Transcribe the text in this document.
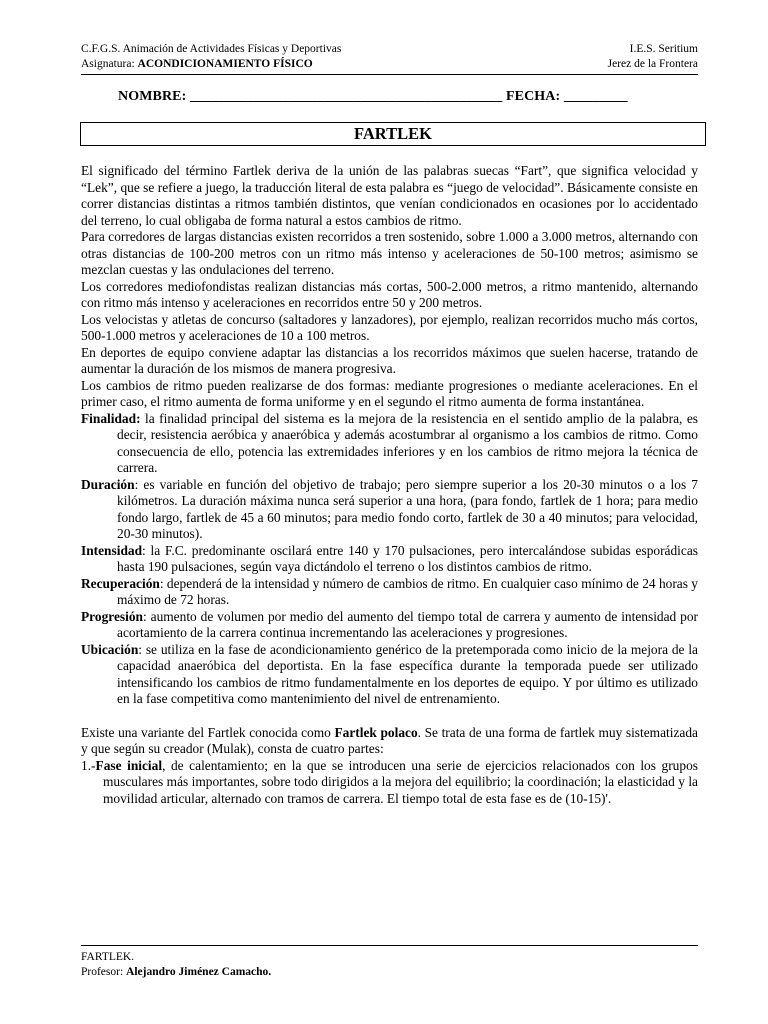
C.F.G.S. Animación de Actividades Físicas y Deportivas	I.E.S. Seritium
Asignatura: ACONDICIONAMIENTO FÍSICO	Jerez de la Frontera
NOMBRE: ____________________________________________ FECHA: _________
FARTLEK

El significado del término Fartlek deriva de la unión de las palabras suecas “Fart”, que significa velocidad y “Lek”, que se refiere a juego, la traducción literal de esta palabra es “juego de velocidad”. Básicamente consiste en correr distancias distintas a ritmos también distintos, que venían condicionados en ocasiones por lo accidentado del terreno, lo cual obligaba de forma natural a estos cambios de ritmo.

Para corredores de largas distancias existen recorridos a tren sostenido, sobre 1.000 a 3.000 metros, alternando con otras distancias de 100-200 metros con un ritmo más intenso y aceleraciones de 50-100 metros; asimismo se mezclan cuestas y las ondulaciones del terreno.

Los corredores mediofondistas realizan distancias más cortas, 500-2.000 metros, a ritmo mantenido, alternando con ritmo más intenso y aceleraciones en recorridos entre 50 y 200 metros.

Los velocistas y atletas de concurso (saltadores y lanzadores), por ejemplo, realizan recorridos mucho más cortos, 500-1.000 metros y aceleraciones de 10 a 100 metros.

En deportes de equipo conviene adaptar las distancias a los recorridos máximos que suelen hacerse, tratando de aumentar la duración de los mismos de manera progresiva.

Los cambios de ritmo pueden realizarse de dos formas: mediante progresiones o mediante aceleraciones. En el primer caso, el ritmo aumenta de forma uniforme y en el segundo el ritmo aumenta de forma instantánea.

Finalidad: la finalidad principal del sistema es la mejora de la resistencia en el sentido amplio de la palabra, es decir, resistencia aeróbica y anaeróbica y además acostumbrar al organismo a los cambios de ritmo. Como consecuencia de ello, potencia las extremidades inferiores y en los cambios de ritmo mejora la técnica de carrera.

Duración: es variable en función del objetivo de trabajo; pero siempre superior a los 20-30 minutos o a los 7 kilómetros. La duración máxima nunca será superior a una hora, (para fondo, fartlek de 1 hora; para medio fondo largo, fartlek de 45 a 60 minutos; para medio fondo corto, fartlek de 30 a 40 minutos; para velocidad, 20-30 minutos).

Intensidad: la F.C. predominante oscilará entre 140 y 170 pulsaciones, pero intercalándose subidas esporádicas hasta 190 pulsaciones, según vaya dictándolo el terreno o los distintos cambios de ritmo.

Recuperación: dependerá de la intensidad y número de cambios de ritmo. En cualquier caso mínimo de 24 horas y máximo de 72 horas.

Progresión: aumento de volumen por medio del aumento del tiempo total de carrera y aumento de intensidad por acortamiento de la carrera continua incrementando las aceleraciones y progresiones.

Ubicación: se utiliza en la fase de acondicionamiento genérico de la pretemporada como inicio de la mejora de la capacidad anaeróbica del deportista. En la fase específica durante la temporada puede ser utilizado intensificando los cambios de ritmo fundamentalmente en los deportes de equipo. Y por último es utilizado en la fase competitiva como mantenimiento del nivel de entrenamiento.

Existe una variante del Fartlek conocida como Fartlek polaco. Se trata de una forma de fartlek muy sistematizada y que según su creador (Mulak), consta de cuatro partes:

1.-Fase inicial, de calentamiento; en la que se introducen una serie de ejercicios relacionados con los grupos musculares más importantes, sobre todo dirigidos a la mejora del equilibrio; la coordinación; la elasticidad y la movilidad articular, alternado con tramos de carrera. El tiempo total de esta fase es de (10-15)'.

FARTLEK.
Profesor: Alejandro Jiménez Camacho.
